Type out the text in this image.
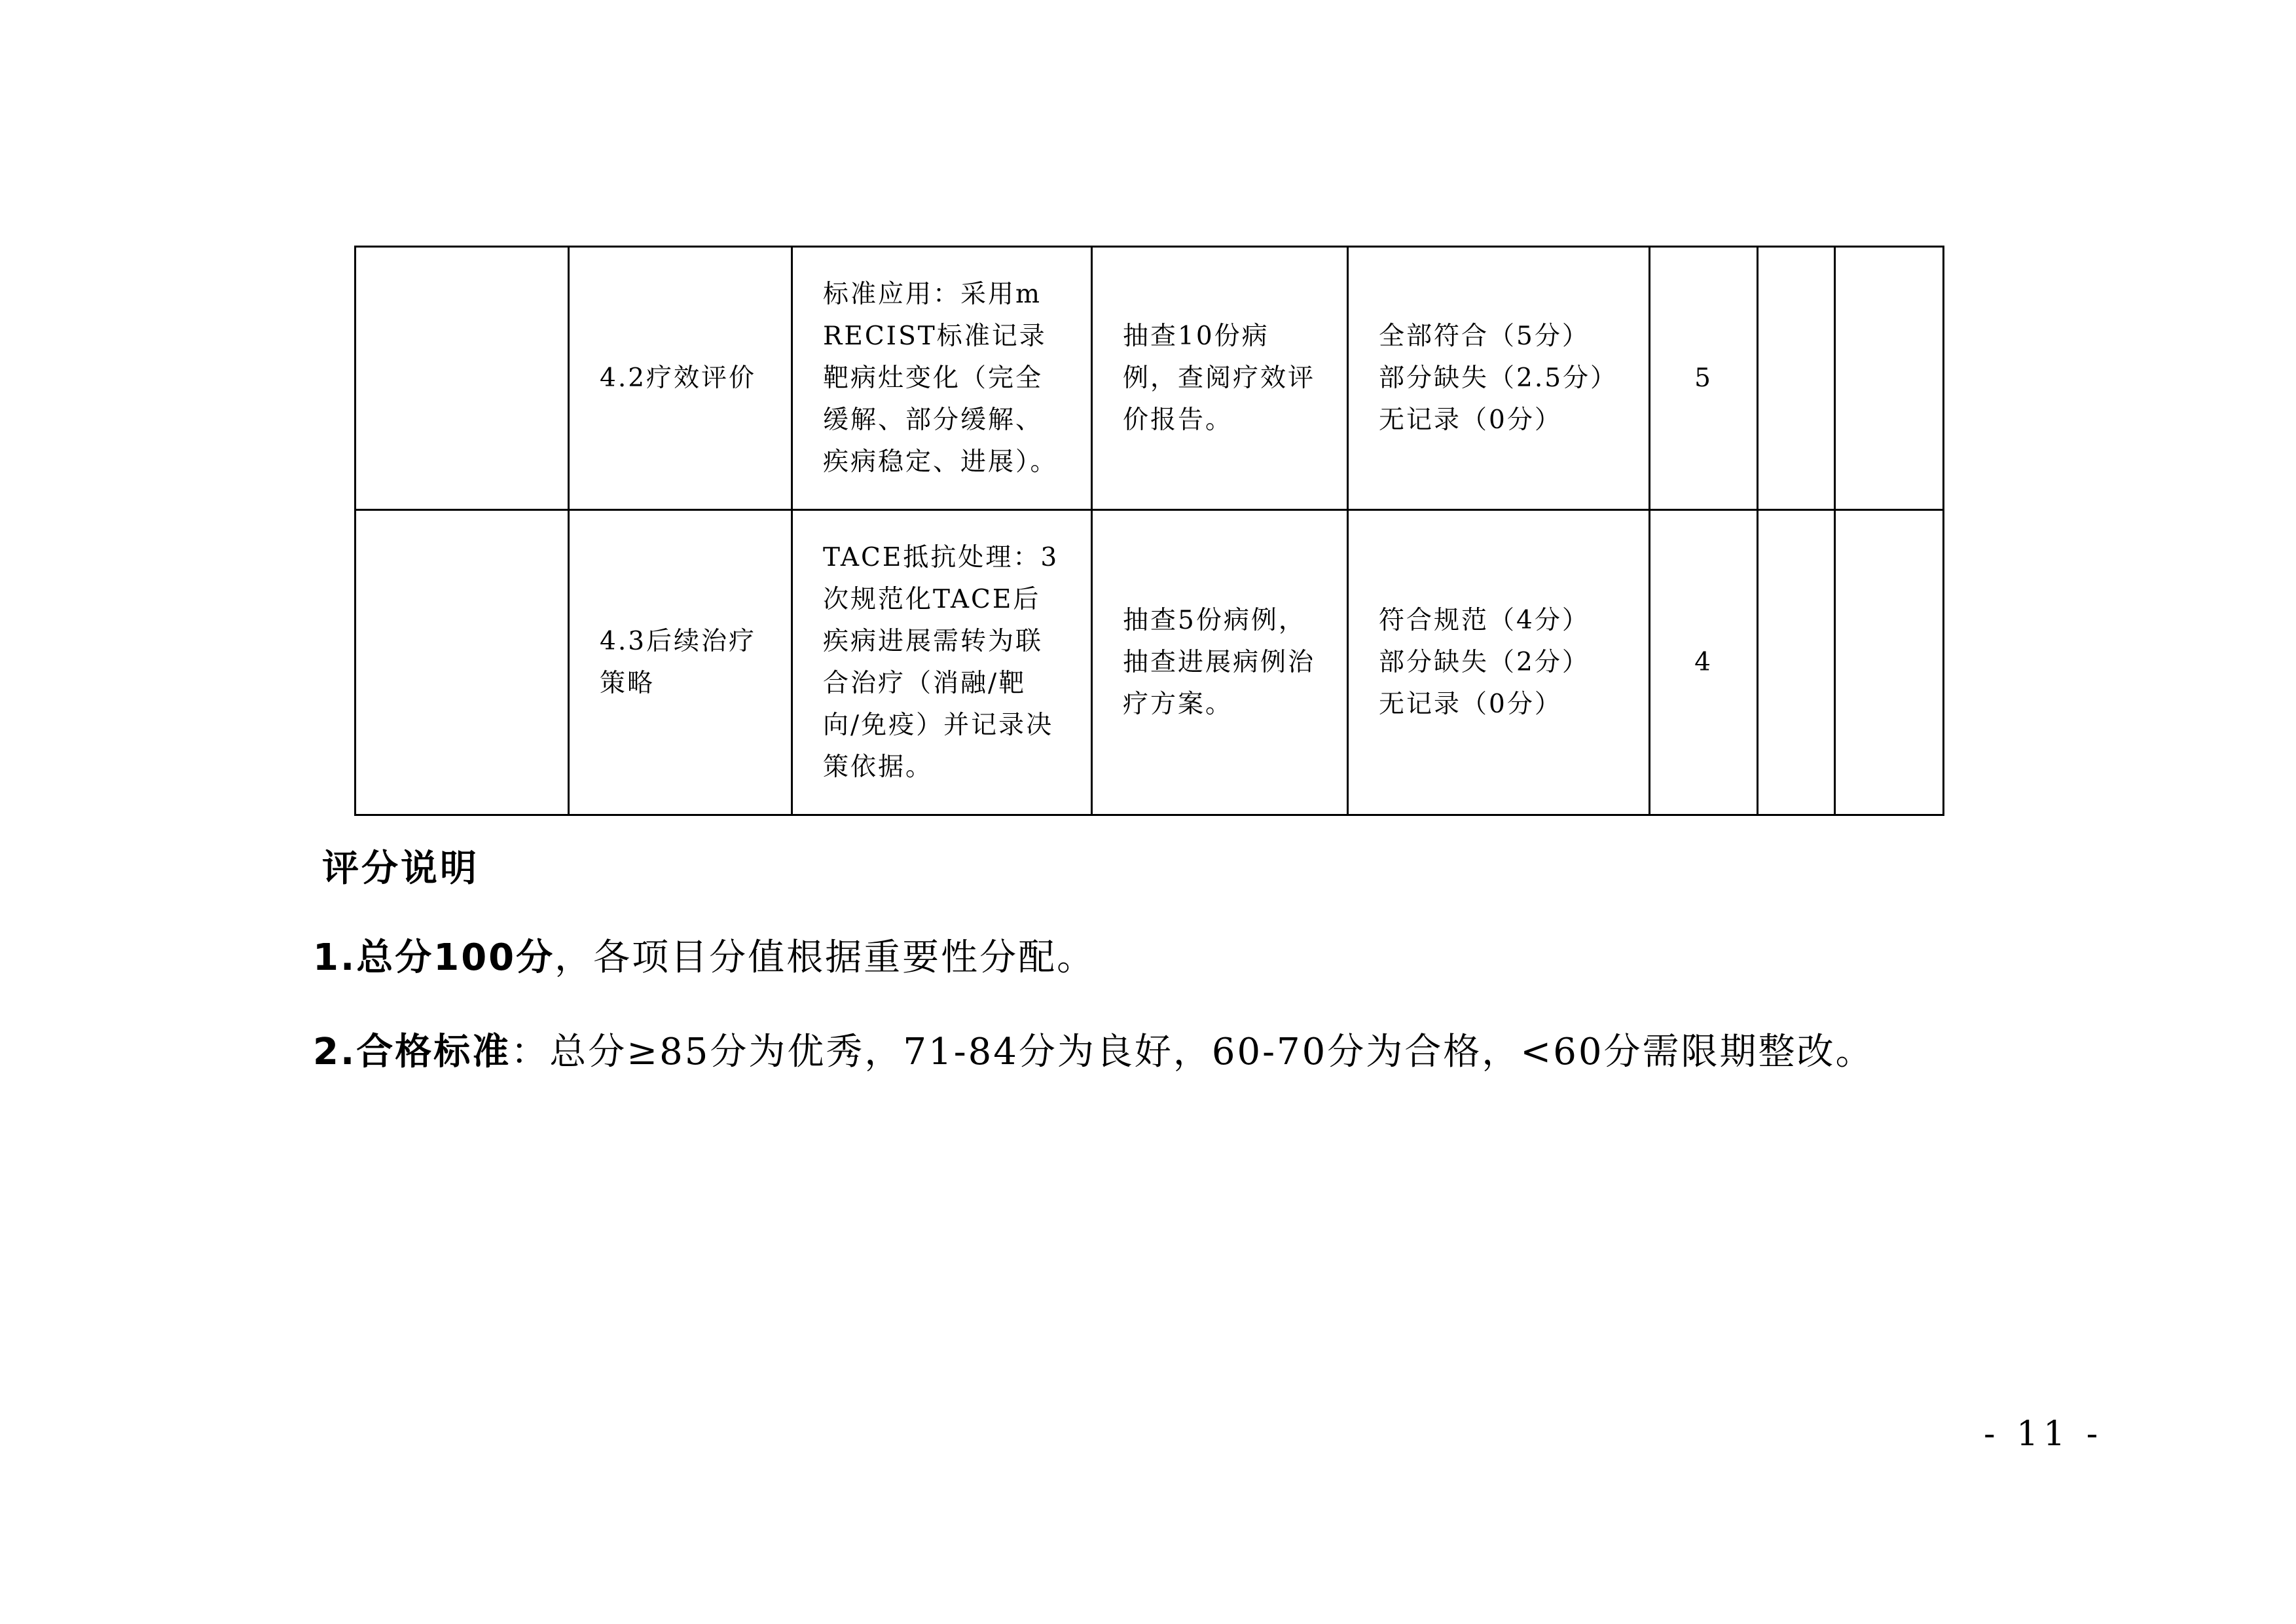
	4.2疗效评价	标准应用：采用mRECIST标准记录靶病灶变化（完全缓解、部分缓解、疾病稳定、进展）。	抽查10份病例，查阅疗效评价报告。	全部符合（5分）
部分缺失（2.5分）
无记录（0分）	5		

	4.3后续治疗策略	TACE抵抗处理：3次规范化TACE后疾病进展需转为联合治疗（消融/靶向/免疫）并记录决策依据。	抽查5份病例，抽查进展病例治疗方案。	符合规范（4分）
部分缺失（2分）
无记录（0分）	4		
评分说明
1.总分100分，各项目分值根据重要性分配。
2.合格标准：总分≥85分为优秀，71-84分为良好，60-70分为合格，<60分需限期整改。
- 11 -
